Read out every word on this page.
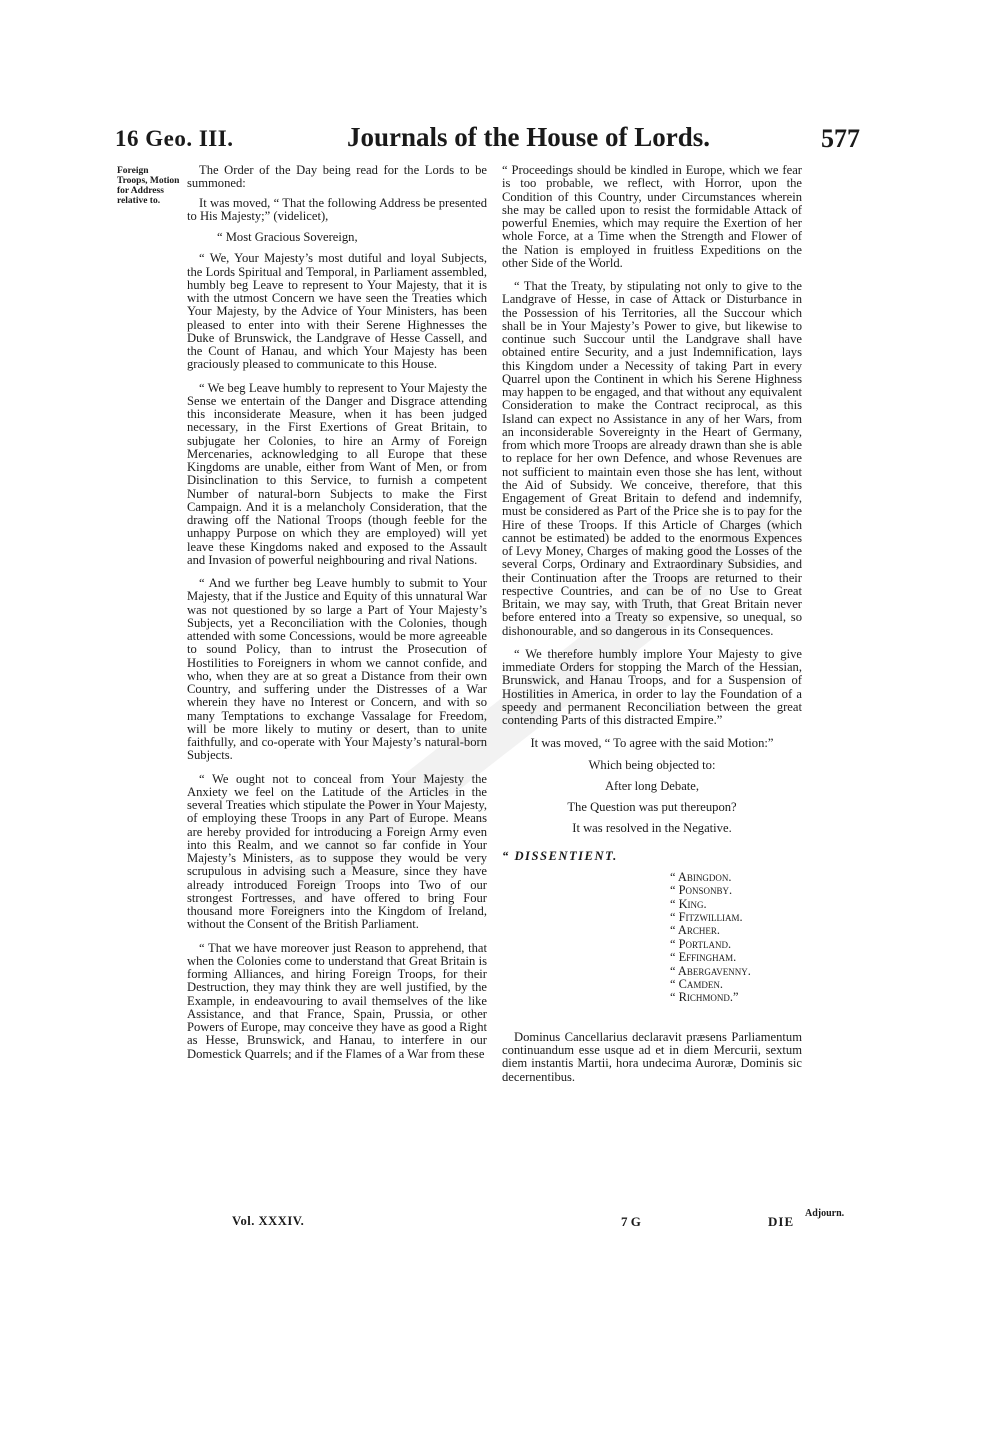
16 Geo. III.	Journals of the House of Lords.	577
Foreign Troops, Motion for Address relative to.

The Order of the Day being read for the Lords to be summoned:

It was moved, “ That the following Address be presented to His Majesty;” (videlicet),

“ Most Gracious Sovereign,

“ We, Your Majesty’s most dutiful and loyal Subjects, the Lords Spiritual and Temporal, in Parliament assembled, humbly beg Leave to represent to Your Majesty, that it is with the utmost Concern we have seen the Treaties which Your Majesty, by the Advice of Your Ministers, has been pleased to enter into with their Serene Highnesses the Duke of Brunswick, the Landgrave of Hesse Cassell, and the Count of Hanau, and which Your Majesty has been graciously pleased to communicate to this House.

“ We beg Leave humbly to represent to Your Majesty the Sense we entertain of the Danger and Disgrace attending this inconsiderate Measure, when it has been judged necessary, in the First Exertions of Great Britain, to subjugate her Colonies, to hire an Army of Foreign Mercenaries, acknowledging to all Europe that these Kingdoms are unable, either from Want of Men, or from Disinclination to this Service, to furnish a competent Number of natural-born Subjects to make the First Campaign. And it is a melancholy Consideration, that the drawing off the National Troops (though feeble for the unhappy Purpose on which they are employed) will yet leave these Kingdoms naked and exposed to the Assault and Invasion of powerful neighbouring and rival Nations.

“ And we further beg Leave humbly to submit to Your Majesty, that if the Justice and Equity of this unnatural War was not questioned by so large a Part of Your Majesty’s Subjects, yet a Reconciliation with the Colonies, though attended with some Concessions, would be more agreeable to sound Policy, than to intrust the Prosecution of Hostilities to Foreigners in whom we cannot confide, and who, when they are at so great a Distance from their own Country, and suffering under the Distresses of a War wherein they have no Interest or Concern, and with so many Temptations to exchange Vassalage for Freedom, will be more likely to mutiny or desert, than to unite faithfully, and co-operate with Your Majesty’s natural-born Subjects.

“ We ought not to conceal from Your Majesty the Anxiety we feel on the Latitude of the Articles in the several Treaties which stipulate the Power in Your Majesty, of employing these Troops in any Part of Europe. Means are hereby provided for introducing a Foreign Army even into this Realm, and we cannot so far confide in Your Majesty’s Ministers, as to suppose they would be very scrupulous in advising such a Measure, since they have already introduced Foreign Troops into Two of our strongest Fortresses, and have offered to bring Four thousand more Foreigners into the Kingdom of Ireland, without the Consent of the British Parliament.

“ That we have moreover just Reason to apprehend, that when the Colonies come to understand that Great Britain is forming Alliances, and hiring Foreign Troops, for their Destruction, they may think they are well justified, by the Example, in endeavouring to avail themselves of the like Assistance, and that France, Spain, Prussia, or other Powers of Europe, may conceive they have as good a Right as Hesse, Brunswick, and Hanau, to interfere in our Domestick Quarrels; and if the Flames of a War from these

“ Proceedings should be kindled in Europe, which we fear is too probable, we reflect, with Horror, upon the Condition of this Country, under Circumstances wherein she may be called upon to resist the formidable Attack of powerful Enemies, which may require the Exertion of her whole Force, at a Time when the Strength and Flower of the Nation is employed in fruitless Expeditions on the other Side of the World.

“ That the Treaty, by stipulating not only to give to the Landgrave of Hesse, in case of Attack or Disturbance in the Possession of his Territories, all the Succour which shall be in Your Majesty’s Power to give, but likewise to continue such Succour until the Landgrave shall have obtained entire Security, and a just Indemnification, lays this Kingdom under a Necessity of taking Part in every Quarrel upon the Continent in which his Serene Highness may happen to be engaged, and that without any equivalent Consideration to make the Contract reciprocal, as this Island can expect no Assistance in any of her Wars, from an inconsiderable Sovereignty in the Heart of Germany, from which more Troops are already drawn than she is able to replace for her own Defence, and whose Revenues are not sufficient to maintain even those she has lent, without the Aid of Subsidy. We conceive, therefore, that this Engagement of Great Britain to defend and indemnify, must be considered as Part of the Price she is to pay for the Hire of these Troops. If this Article of Charges (which cannot be estimated) be added to the enormous Expences of Levy Money, Charges of making good the Losses of the several Corps, Ordinary and Extraordinary Subsidies, and their Continuation after the Troops are returned to their respective Countries, and can be of no Use to Great Britain, we may say, with Truth, that Great Britain never before entered into a Treaty so expensive, so unequal, so dishonourable, and so dangerous in its Consequences.

“ We therefore humbly implore Your Majesty to give immediate Orders for stopping the March of the Hessian, Brunswick, and Hanau Troops, and for a Suspension of Hostilities in America, in order to lay the Foundation of a speedy and permanent Reconciliation between the great contending Parts of this distracted Empire.”

It was moved, “ To agree with the said Motion:”

Which being objected to:

After long Debate,

The Question was put thereupon?

It was resolved in the Negative.

“ DISSENTIENT.

“ Abingdon.
“ Ponsonby.
“ King.
“ Fitzwilliam.
“ Archer.
“ Portland.
“ Effingham.
“ Abergavenny.
“ Camden.
“ Richmond.”

Dominus Cancellarius declaravit præsens Parliamentum continuandum esse usque ad et in diem Mercurii, sextum diem instantis Martii, hora undecima Auroræ, Dominis sic decernentibus.

Adjourn.
Vol. XXXIV.	7 G	DIE
